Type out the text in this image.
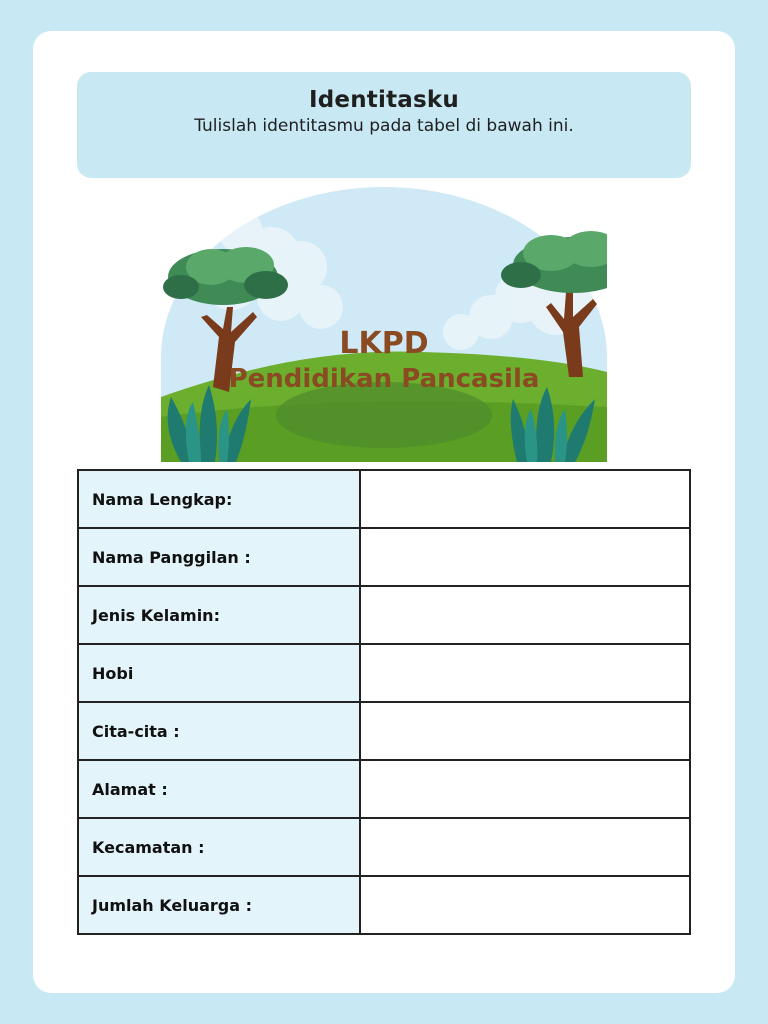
Identitasku
Tulislah identitasmu pada tabel di bawah ini.
LKPD
Pendidikan Pancasila
Nama Lengkap:	
Nama Panggilan :	
Jenis Kelamin:	
Hobi	
Cita-cita :	
Alamat :	
Kecamatan :	
Jumlah Keluarga :	
